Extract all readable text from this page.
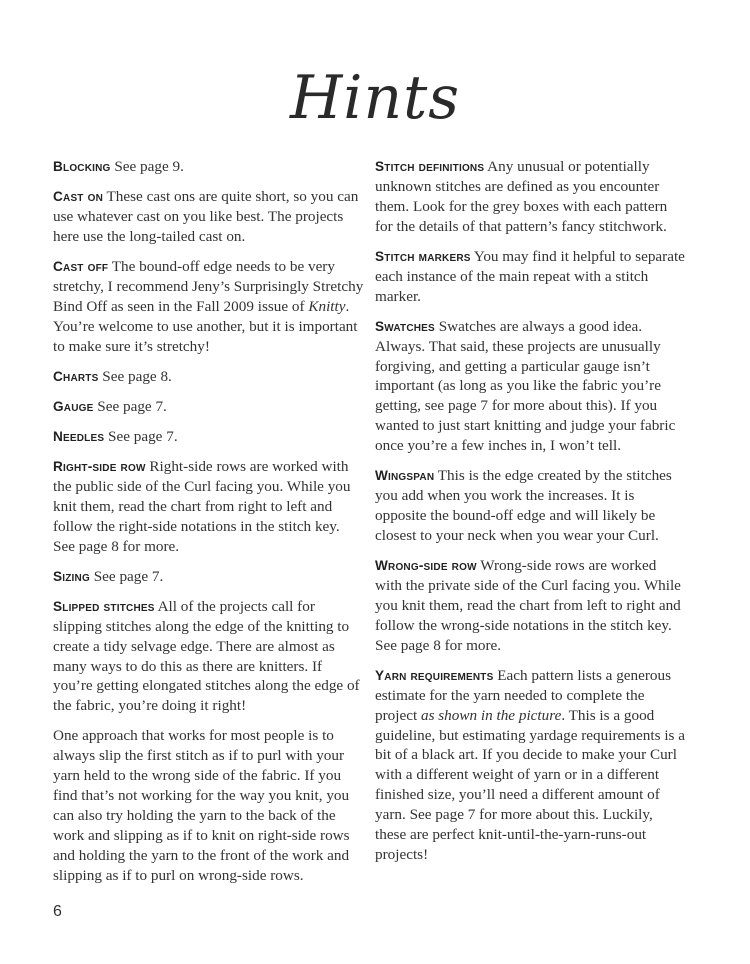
Hints

Blocking See page 9.

Cast on These cast ons are quite short, so you can use whatever cast on you like best. The projects here use the long-tailed cast on.

Cast off The bound-off edge needs to be very stretchy, I recommend Jeny’s Surprisingly Stretchy Bind Off as seen in the Fall 2009 issue of Knitty. You’re welcome to use another, but it is important to make sure it’s stretchy!

Charts See page 8.

Gauge See page 7.

Needles See page 7.

Right-side row Right-side rows are worked with the public side of the Curl facing you. While you knit them, read the chart from right to left and follow the right-side notations in the stitch key. See page 8 for more.

Sizing See page 7.

Slipped stitches All of the projects call for slipping stitches along the edge of the knitting to create a tidy selvage edge. There are almost as many ways to do this as there are knitters. If you’re getting elongated stitches along the edge of the fabric, you’re doing it right!

One approach that works for most people is to always slip the first stitch as if to purl with your yarn held to the wrong side of the fabric. If you find that’s not working for the way you knit, you can also try holding the yarn to the back of the work and slipping as if to knit on right-side rows and holding the yarn to the front of the work and slipping as if to purl on wrong-side rows.

Stitch definitions Any unusual or potentially unknown stitches are defined as you encounter them. Look for the grey boxes with each pattern for the details of that pattern’s fancy stitchwork.

Stitch markers You may find it helpful to separate each instance of the main repeat with a stitch marker.

Swatches Swatches are always a good idea. Always. That said, these projects are unusually forgiving, and getting a particular gauge isn’t important (as long as you like the fabric you’re getting, see page 7 for more about this). If you wanted to just start knitting and judge your fabric once you’re a few inches in, I won’t tell.

Wingspan This is the edge created by the stitches you add when you work the increases. It is opposite the bound-off edge and will likely be closest to your neck when you wear your Curl.

Wrong-side row Wrong-side rows are worked with the private side of the Curl facing you. While you knit them, read the chart from left to right and follow the wrong-side notations in the stitch key. See page 8 for more.

Yarn requirements Each pattern lists a generous estimate for the yarn needed to complete the project as shown in the picture. This is a good guideline, but estimating yardage requirements is a bit of a black art. If you decide to make your Curl with a different weight of yarn or in a different finished size, you’ll need a different amount of yarn. See page 7 for more about this. Luckily, these are perfect knit-until-the-yarn-runs-out projects!

6
